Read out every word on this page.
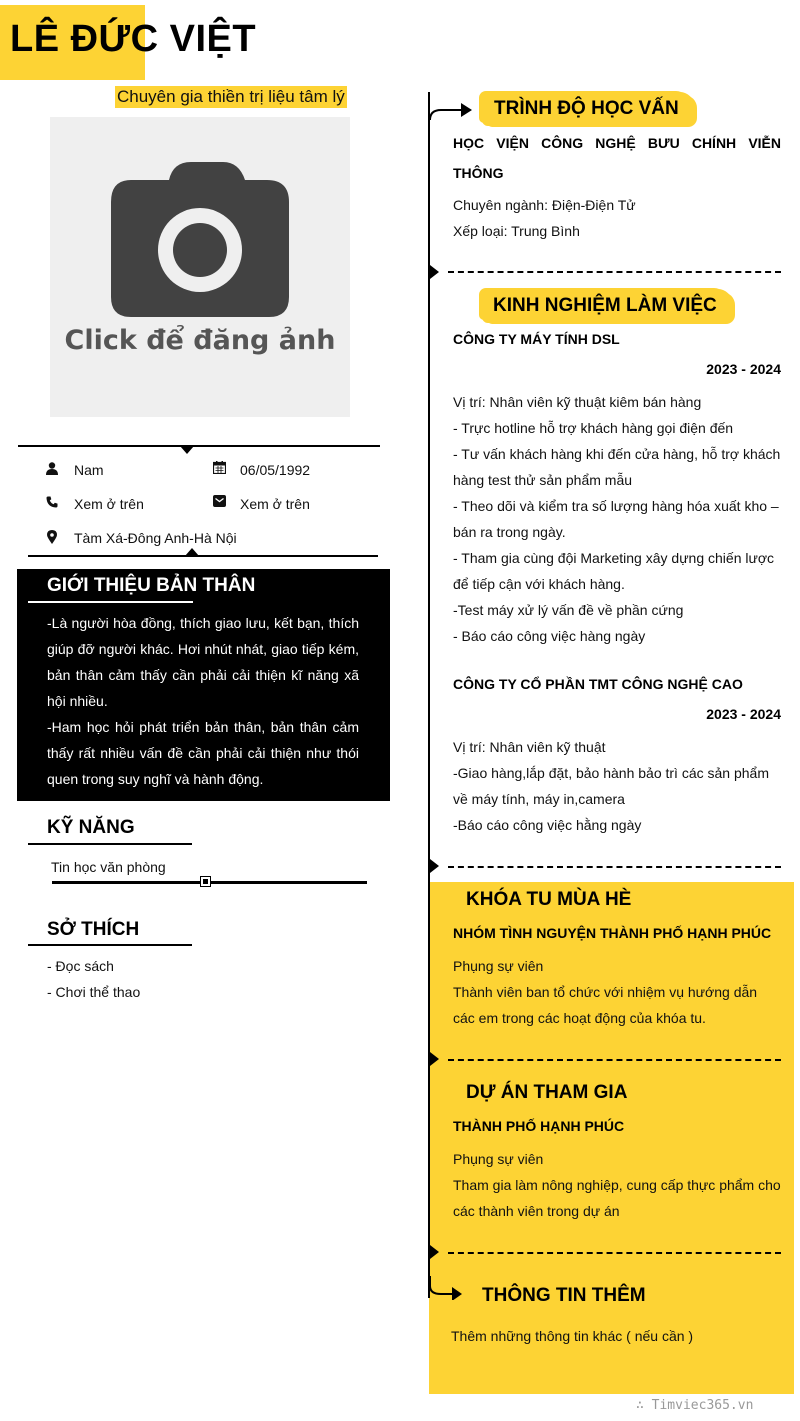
LÊ ĐỨC VIỆT
Chuyên gia thiền trị liệu tâm lý
Click để đăng ảnh
Nam	06/05/1992
Xem ở trên	Xem ở trên
Tàm Xá-Đông Anh-Hà Nội
GIỚI THIỆU BẢN THÂN
-Là người hòa đồng, thích giao lưu, kết bạn, thích giúp đỡ người khác. Hơi nhút nhát, giao tiếp kém, bản thân cảm thấy cần phải cải thiện kĩ năng xã hội nhiều.
-Ham học hỏi phát triển bản thân, bản thân cảm thấy rất nhiều vấn đề cần phải cải thiện như thói quen trong suy nghĩ và hành động.
KỸ NĂNG
Tin học văn phòng
SỞ THÍCH
- Đọc sách
- Chơi thể thao
TRÌNH ĐỘ HỌC VẤN
HỌC VIỆN CÔNG NGHỆ BƯU CHÍNH VIỄN THÔNG
Chuyên ngành: Điện-Điện Tử
Xếp loại: Trung Bình
KINH NGHIỆM LÀM VIỆC
CÔNG TY MÁY TÍNH DSL
2023 - 2024
Vị trí: Nhân viên kỹ thuật kiêm bán hàng
- Trực hotline hỗ trợ khách hàng gọi điện đến
- Tư vấn khách hàng khi đến cửa hàng, hỗ trợ khách hàng test thử sản phẩm mẫu
- Theo dõi và kiểm tra số lượng hàng hóa xuất kho – bán ra trong ngày.
- Tham gia cùng đội Marketing xây dựng chiến lược để tiếp cận với khách hàng.
-Test máy xử lý vấn đề về phần cứng
- Báo cáo công việc hàng ngày
CÔNG TY CỔ PHẦN TMT CÔNG NGHỆ CAO
2023 - 2024
Vị trí: Nhân viên kỹ thuật
-Giao hàng,lắp đặt, bảo hành bảo trì các sản phẩm về máy tính, máy in,camera
-Báo cáo công việc hằng ngày
KHÓA TU MÙA HÈ
NHÓM TÌNH NGUYỆN THÀNH PHỐ HẠNH PHÚC
Phụng sự viên
Thành viên ban tổ chức với nhiệm vụ hướng dẫn các em trong các hoạt động của khóa tu.
DỰ ÁN THAM GIA
THÀNH PHỐ HẠNH PHÚC
Phụng sự viên
Tham gia làm nông nghiệp, cung cấp thực phẩm cho các thành viên trong dự án
THÔNG TIN THÊM
Thêm những thông tin khác ( nếu cần )
∴ Timviec365.vn
